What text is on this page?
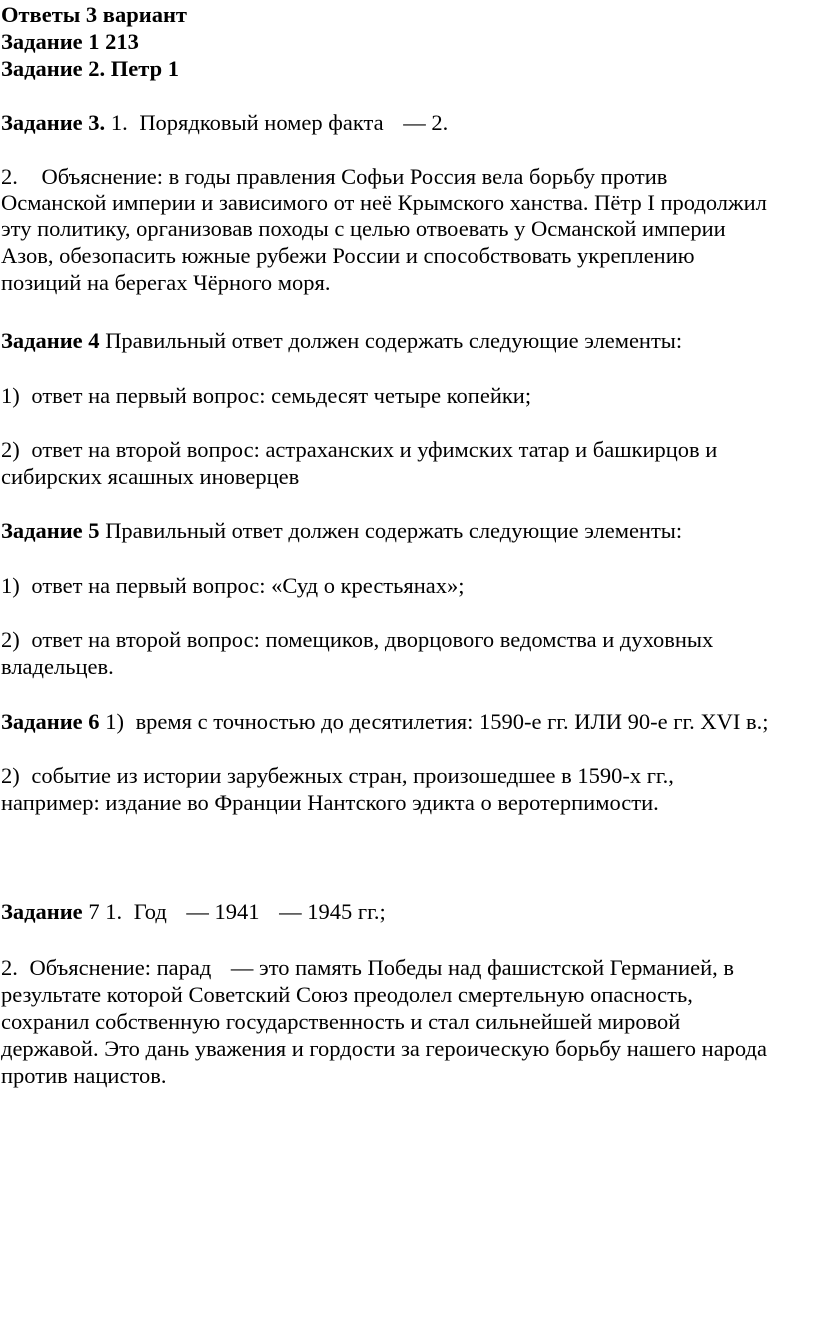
Ответы 3 вариант
Задание 1 213
Задание 2. Петр 1
Задание 3. 1. Порядковый номер факта — 2.
2. Объяснение: в годы правления Софьи Россия вела борьбу против
Османской империи и зависимого от неё Крымского ханства. Пётр I продолжил
эту политику, организовав походы с целью отвоевать у Османской империи
Азов, обезопасить южные рубежи России и способствовать укреплению
позиций на берегах Чёрного моря.
Задание 4 Правильный ответ должен содержать следующие элементы:
1) ответ на первый вопрос: семьдесят четыре копейки;
2) ответ на второй вопрос: астраханских и уфимских татар и башкирцов и
сибирских ясашных иноверцев
Задание 5 Правильный ответ должен содержать следующие элементы:
1) ответ на первый вопрос: «Суд о крестьянах»;
2) ответ на второй вопрос: помещиков, дворцового ведомства и духовных
владельцев.
Задание 6 1) время с точностью до десятилетия: 1590-е гг. ИЛИ 90-е гг. XVI в.;
2) событие из истории зарубежных стран, произошедшее в 1590-х гг.,
например: издание во Франции Нантского эдикта о веротерпимости.
Задание 7 1. Год — 1941 — 1945 гг.;
2. Объяснение: парад — это память Победы над фашистской Германией, в
результате которой Советский Союз преодолел смертельную опасность,
сохранил собственную государственность и стал сильнейшей мировой
державой. Это дань уважения и гордости за героическую борьбу нашего народа
против нацистов.
